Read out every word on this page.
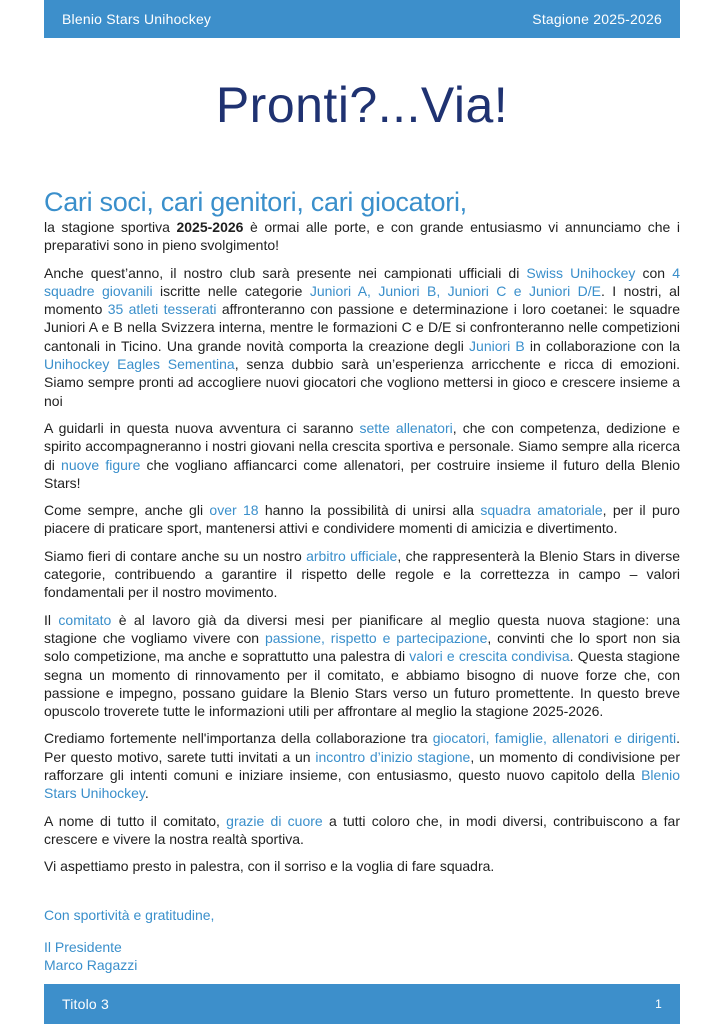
Blenio Stars Unihockey	Stagione 2025-2026
Pronti?...Via!
Cari soci, cari genitori, cari giocatori,

la stagione sportiva 2025-2026 è ormai alle porte, e con grande entusiasmo vi annunciamo che i preparativi sono in pieno svolgimento!

Anche quest’anno, il nostro club sarà presente nei campionati ufficiali di Swiss Unihockey con 4 squadre giovanili iscritte nelle categorie Juniori A, Juniori B, Juniori C e Juniori D/E. I nostri, al momento 35 atleti tesserati affronteranno con passione e determinazione i loro coetanei: le squadre Juniori A e B nella Svizzera interna, mentre le formazioni C e D/E si confronteranno nelle competizioni cantonali in Ticino. Una grande novità comporta la creazione degli Juniori B in collaborazione con la Unihockey Eagles Sementina, senza dubbio sarà un’esperienza arricchente e ricca di emozioni. Siamo sempre pronti ad accogliere nuovi giocatori che vogliono mettersi in gioco e crescere insieme a noi

A guidarli in questa nuova avventura ci saranno sette allenatori, che con competenza, dedizione e spirito accompagneranno i nostri giovani nella crescita sportiva e personale. Siamo sempre alla ricerca di nuove figure che vogliano affiancarci come allenatori, per costruire insieme il futuro della Blenio Stars!

Come sempre, anche gli over 18 hanno la possibilità di unirsi alla squadra amatoriale, per il puro piacere di praticare sport, mantenersi attivi e condividere momenti di amicizia e divertimento.

Siamo fieri di contare anche su un nostro arbitro ufficiale, che rappresenterà la Blenio Stars in diverse categorie, contribuendo a garantire il rispetto delle regole e la correttezza in campo – valori fondamentali per il nostro movimento.

Il comitato è al lavoro già da diversi mesi per pianificare al meglio questa nuova stagione: una stagione che vogliamo vivere con passione, rispetto e partecipazione, convinti che lo sport non sia solo competizione, ma anche e soprattutto una palestra di valori e crescita condivisa. Questa stagione segna un momento di rinnovamento per il comitato, e abbiamo bisogno di nuove forze che, con passione e impegno, possano guidare la Blenio Stars verso un futuro promettente. In questo breve opuscolo troverete tutte le informazioni utili per affrontare al meglio la stagione 2025-2026.

Crediamo fortemente nell'importanza della collaborazione tra giocatori, famiglie, allenatori e dirigenti. Per questo motivo, sarete tutti invitati a un incontro d’inizio stagione, un momento di condivisione per rafforzare gli intenti comuni e iniziare insieme, con entusiasmo, questo nuovo capitolo della Blenio Stars Unihockey.

A nome di tutto il comitato, grazie di cuore a tutti coloro che, in modi diversi, contribuiscono a far crescere e vivere la nostra realtà sportiva.

Vi aspettiamo presto in palestra, con il sorriso e la voglia di fare squadra.

Con sportività e gratitudine,
Il Presidente
Marco Ragazzi
Titolo 3	1
